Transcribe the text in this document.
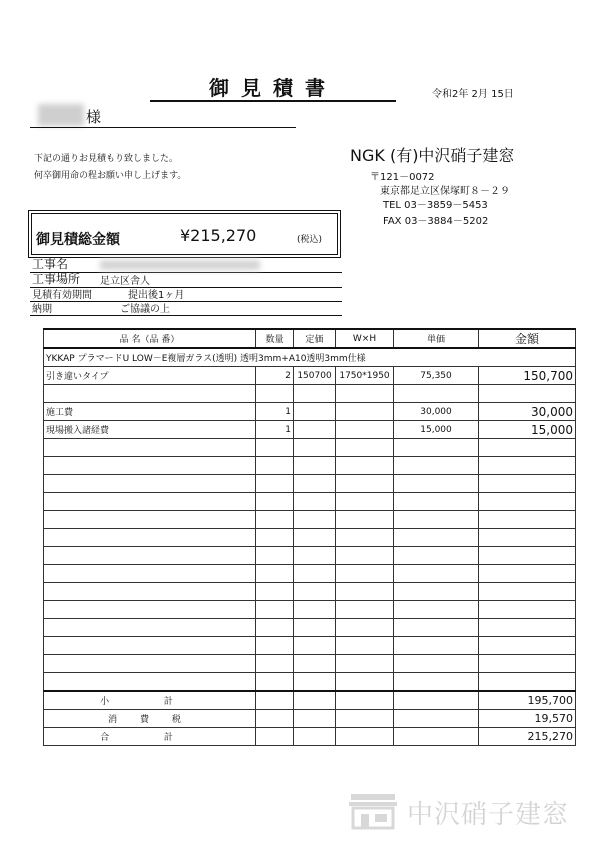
御見積書	令和2年 2月 15日
様
下記の通りお見積もり致しました。
何卒御用命の程お願い申し上げます。
NGK (有)中沢硝子建窓
〒121－0072
東京都足立区保塚町８－２９
TEL 03－3859－5453
FAX 03－3884－5202
御見積総金額	¥215,270	(税込)
工事名
工事場所 足立区舎人
見積有効期間	提出後1ヶ月
納期	ご協議の上
品 名（品 番）	数量	定価	W×H	単価	金額
YKKAP プラマードU LOW－E複層ガラス(透明) 透明3mm+A10透明3mm仕様					
引き違いタイプ	2	150700	1750*1950	75,350	150,700

施工費	1			30,000	30,000
現場搬入諸経費	1			15,000	15,000

小 計					195,700
消 費 税					19,570
合 計					215,270
中沢硝子建窓
